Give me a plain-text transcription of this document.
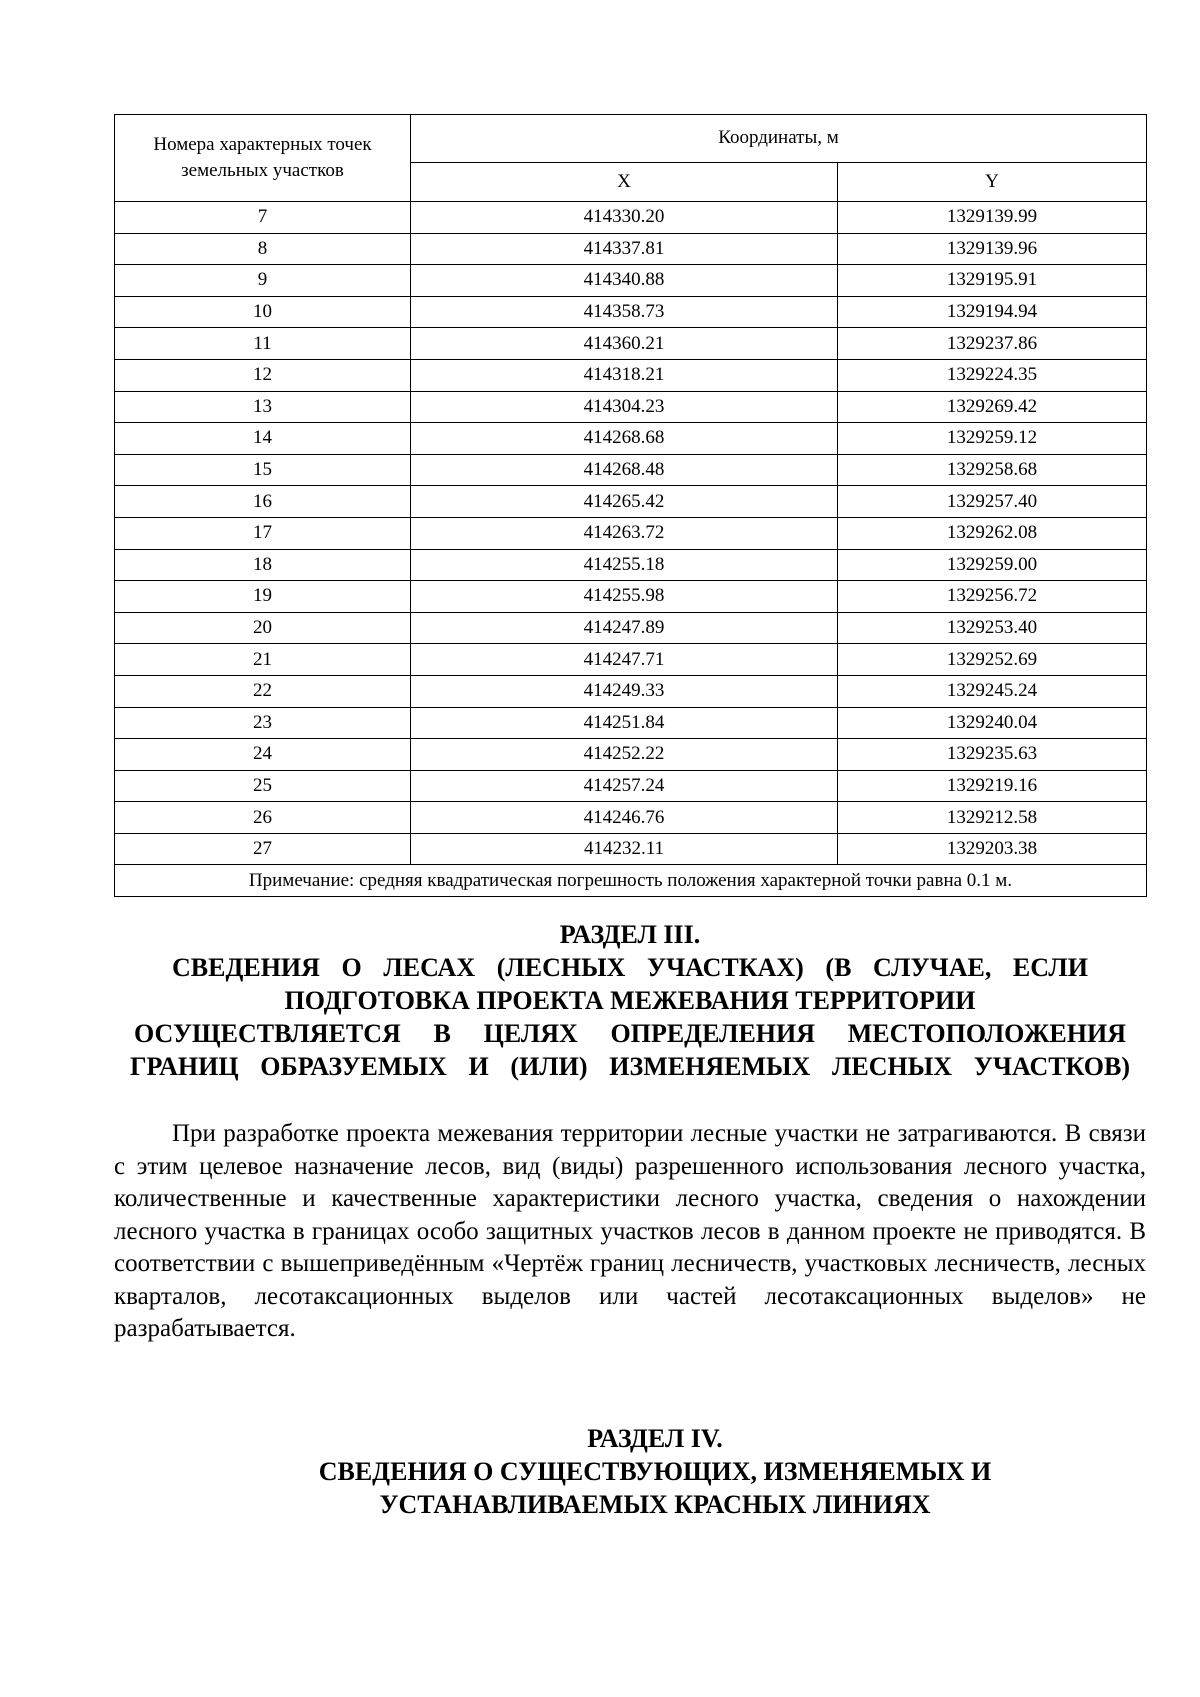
Номера характерных точек земельных участков	Координаты, м	
	X	Y
7	414330.20	1329139.99
8	414337.81	1329139.96
9	414340.88	1329195.91
10	414358.73	1329194.94
11	414360.21	1329237.86
12	414318.21	1329224.35
13	414304.23	1329269.42
14	414268.68	1329259.12
15	414268.48	1329258.68
16	414265.42	1329257.40
17	414263.72	1329262.08
18	414255.18	1329259.00
19	414255.98	1329256.72
20	414247.89	1329253.40
21	414247.71	1329252.69
22	414249.33	1329245.24
23	414251.84	1329240.04
24	414252.22	1329235.63
25	414257.24	1329219.16
26	414246.76	1329212.58
27	414232.11	1329203.38
Примечание: средняя квадратическая погрешность положения характерной точки равна 0.1 м.		
РАЗДЕЛ III.
СВЕДЕНИЯ О ЛЕСАХ (ЛЕСНЫХ УЧАСТКАХ) (В СЛУЧАЕ, ЕСЛИ
ПОДГОТОВКА ПРОЕКТА МЕЖЕВАНИЯ ТЕРРИТОРИИ
ОСУЩЕСТВЛЯЕТСЯ В ЦЕЛЯХ ОПРЕДЕЛЕНИЯ МЕСТОПОЛОЖЕНИЯ
ГРАНИЦ ОБРАЗУЕМЫХ И (ИЛИ) ИЗМЕНЯЕМЫХ ЛЕСНЫХ УЧАСТКОВ)

При разработке проекта межевания территории лесные участки не затрагиваются. В связи с этим целевое назначение лесов, вид (виды) разрешенного использования лесного участка, количественные и качественные характеристики лесного участка, сведения о нахождении лесного участка в границах особо защитных участков лесов в данном проекте не приводятся. В соответствии с вышеприведённым «Чертёж границ лесничеств, участковых лесничеств, лесных кварталов, лесотаксационных выделов или частей лесотаксационных выделов» не разрабатывается.

РАЗДЕЛ IV.
СВЕДЕНИЯ О СУЩЕСТВУЮЩИХ, ИЗМЕНЯЕМЫХ И
УСТАНАВЛИВАЕМЫХ КРАСНЫХ ЛИНИЯХ
